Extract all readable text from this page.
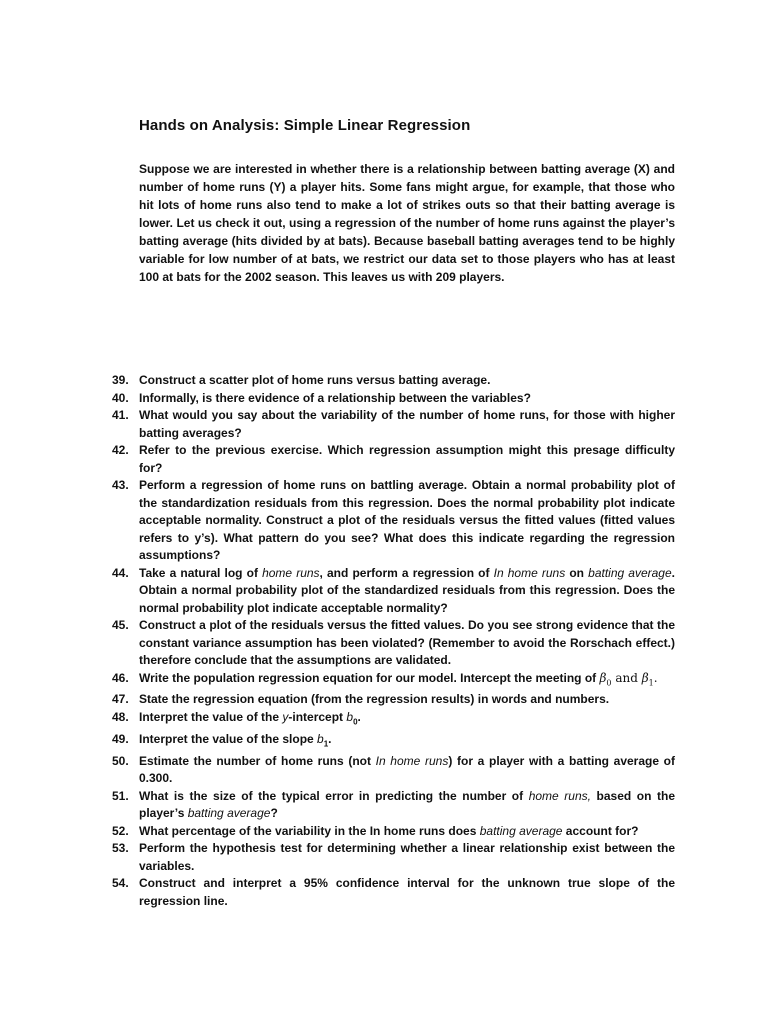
Hands on Analysis: Simple Linear Regression
Suppose we are interested in whether there is a relationship between batting average (X) and number of home runs (Y) a player hits. Some fans might argue, for example, that those who hit lots of home runs also tend to make a lot of strikes outs so that their batting average is lower. Let us check it out, using a regression of the number of home runs against the player’s batting average (hits divided by at bats). Because baseball batting averages tend to be highly variable for low number of at bats, we restrict our data set to those players who has at least 100 at bats for the 2002 season. This leaves us with 209 players.
39. Construct a scatter plot of home runs versus batting average.
40. Informally, is there evidence of a relationship between the variables?
41. What would you say about the variability of the number of home runs, for those with higher batting averages?
42. Refer to the previous exercise. Which regression assumption might this presage difficulty for?
43. Perform a regression of home runs on battling average. Obtain a normal probability plot of the standardization residuals from this regression. Does the normal probability plot indicate acceptable normality. Construct a plot of the residuals versus the fitted values (fitted values refers to y’s). What pattern do you see? What does this indicate regarding the regression assumptions?
44. Take a natural log of home runs, and perform a regression of In home runs on batting average. Obtain a normal probability plot of the standardized residuals from this regression. Does the normal probability plot indicate acceptable normality?
45. Construct a plot of the residuals versus the fitted values. Do you see strong evidence that the constant variance assumption has been violated? (Remember to avoid the Rorschach effect.) therefore conclude that the assumptions are validated.
46. Write the population regression equation for our model. Intercept the meeting of $\beta_0$ and $\beta_1$.
47. State the regression equation (from the regression results) in words and numbers.
48. Interpret the value of the y-intercept $b_0$.
49. Interpret the value of the slope $b_1$.
50. Estimate the number of home runs (not In home runs) for a player with a batting average of 0.300.
51. What is the size of the typical error in predicting the number of home runs, based on the player’s batting average?
52. What percentage of the variability in the In home runs does batting average account for?
53. Perform the hypothesis test for determining whether a linear relationship exist between the variables.
54. Construct and interpret a 95% confidence interval for the unknown true slope of the regression line.
